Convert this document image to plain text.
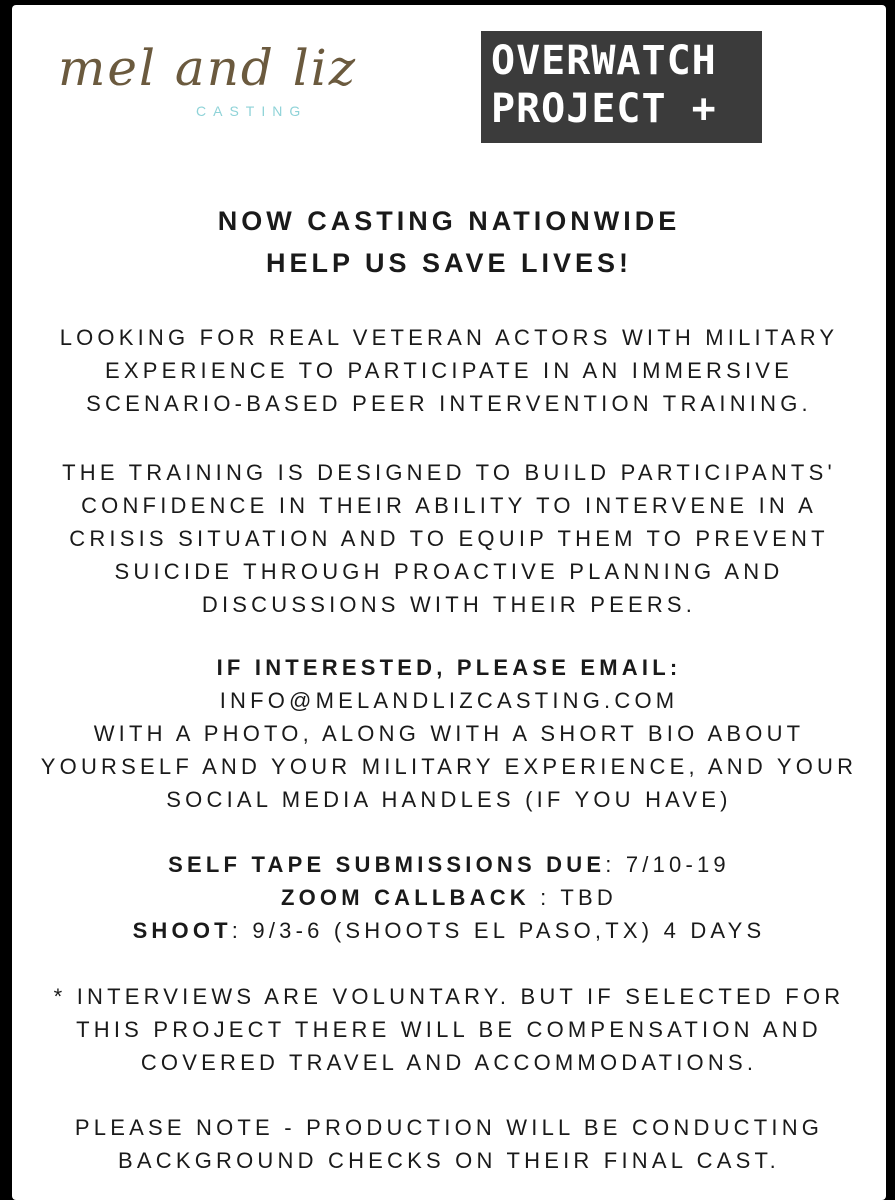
mel and liz
CASTING
OVERWATCH
PROJECT +
NOW CASTING NATIONWIDE
HELP US SAVE LIVES!
LOOKING FOR REAL VETERAN ACTORS WITH MILITARY
EXPERIENCE TO PARTICIPATE IN AN IMMERSIVE
SCENARIO-BASED PEER INTERVENTION TRAINING.
THE TRAINING IS DESIGNED TO BUILD PARTICIPANTS'
CONFIDENCE IN THEIR ABILITY TO INTERVENE IN A
CRISIS SITUATION AND TO EQUIP THEM TO PREVENT
SUICIDE THROUGH PROACTIVE PLANNING AND
DISCUSSIONS WITH THEIR PEERS.
IF INTERESTED, PLEASE EMAIL:
INFO@MELANDLIZCASTING.COM
WITH A PHOTO, ALONG WITH A SHORT BIO ABOUT
YOURSELF AND YOUR MILITARY EXPERIENCE, AND YOUR
SOCIAL MEDIA HANDLES (IF YOU HAVE)
SELF TAPE SUBMISSIONS DUE: 7/10-19
ZOOM CALLBACK : TBD
SHOOT: 9/3-6 (SHOOTS EL PASO,TX) 4 DAYS
* INTERVIEWS ARE VOLUNTARY. BUT IF SELECTED FOR
THIS PROJECT THERE WILL BE COMPENSATION AND
COVERED TRAVEL AND ACCOMMODATIONS.
PLEASE NOTE - PRODUCTION WILL BE CONDUCTING
BACKGROUND CHECKS ON THEIR FINAL CAST.
